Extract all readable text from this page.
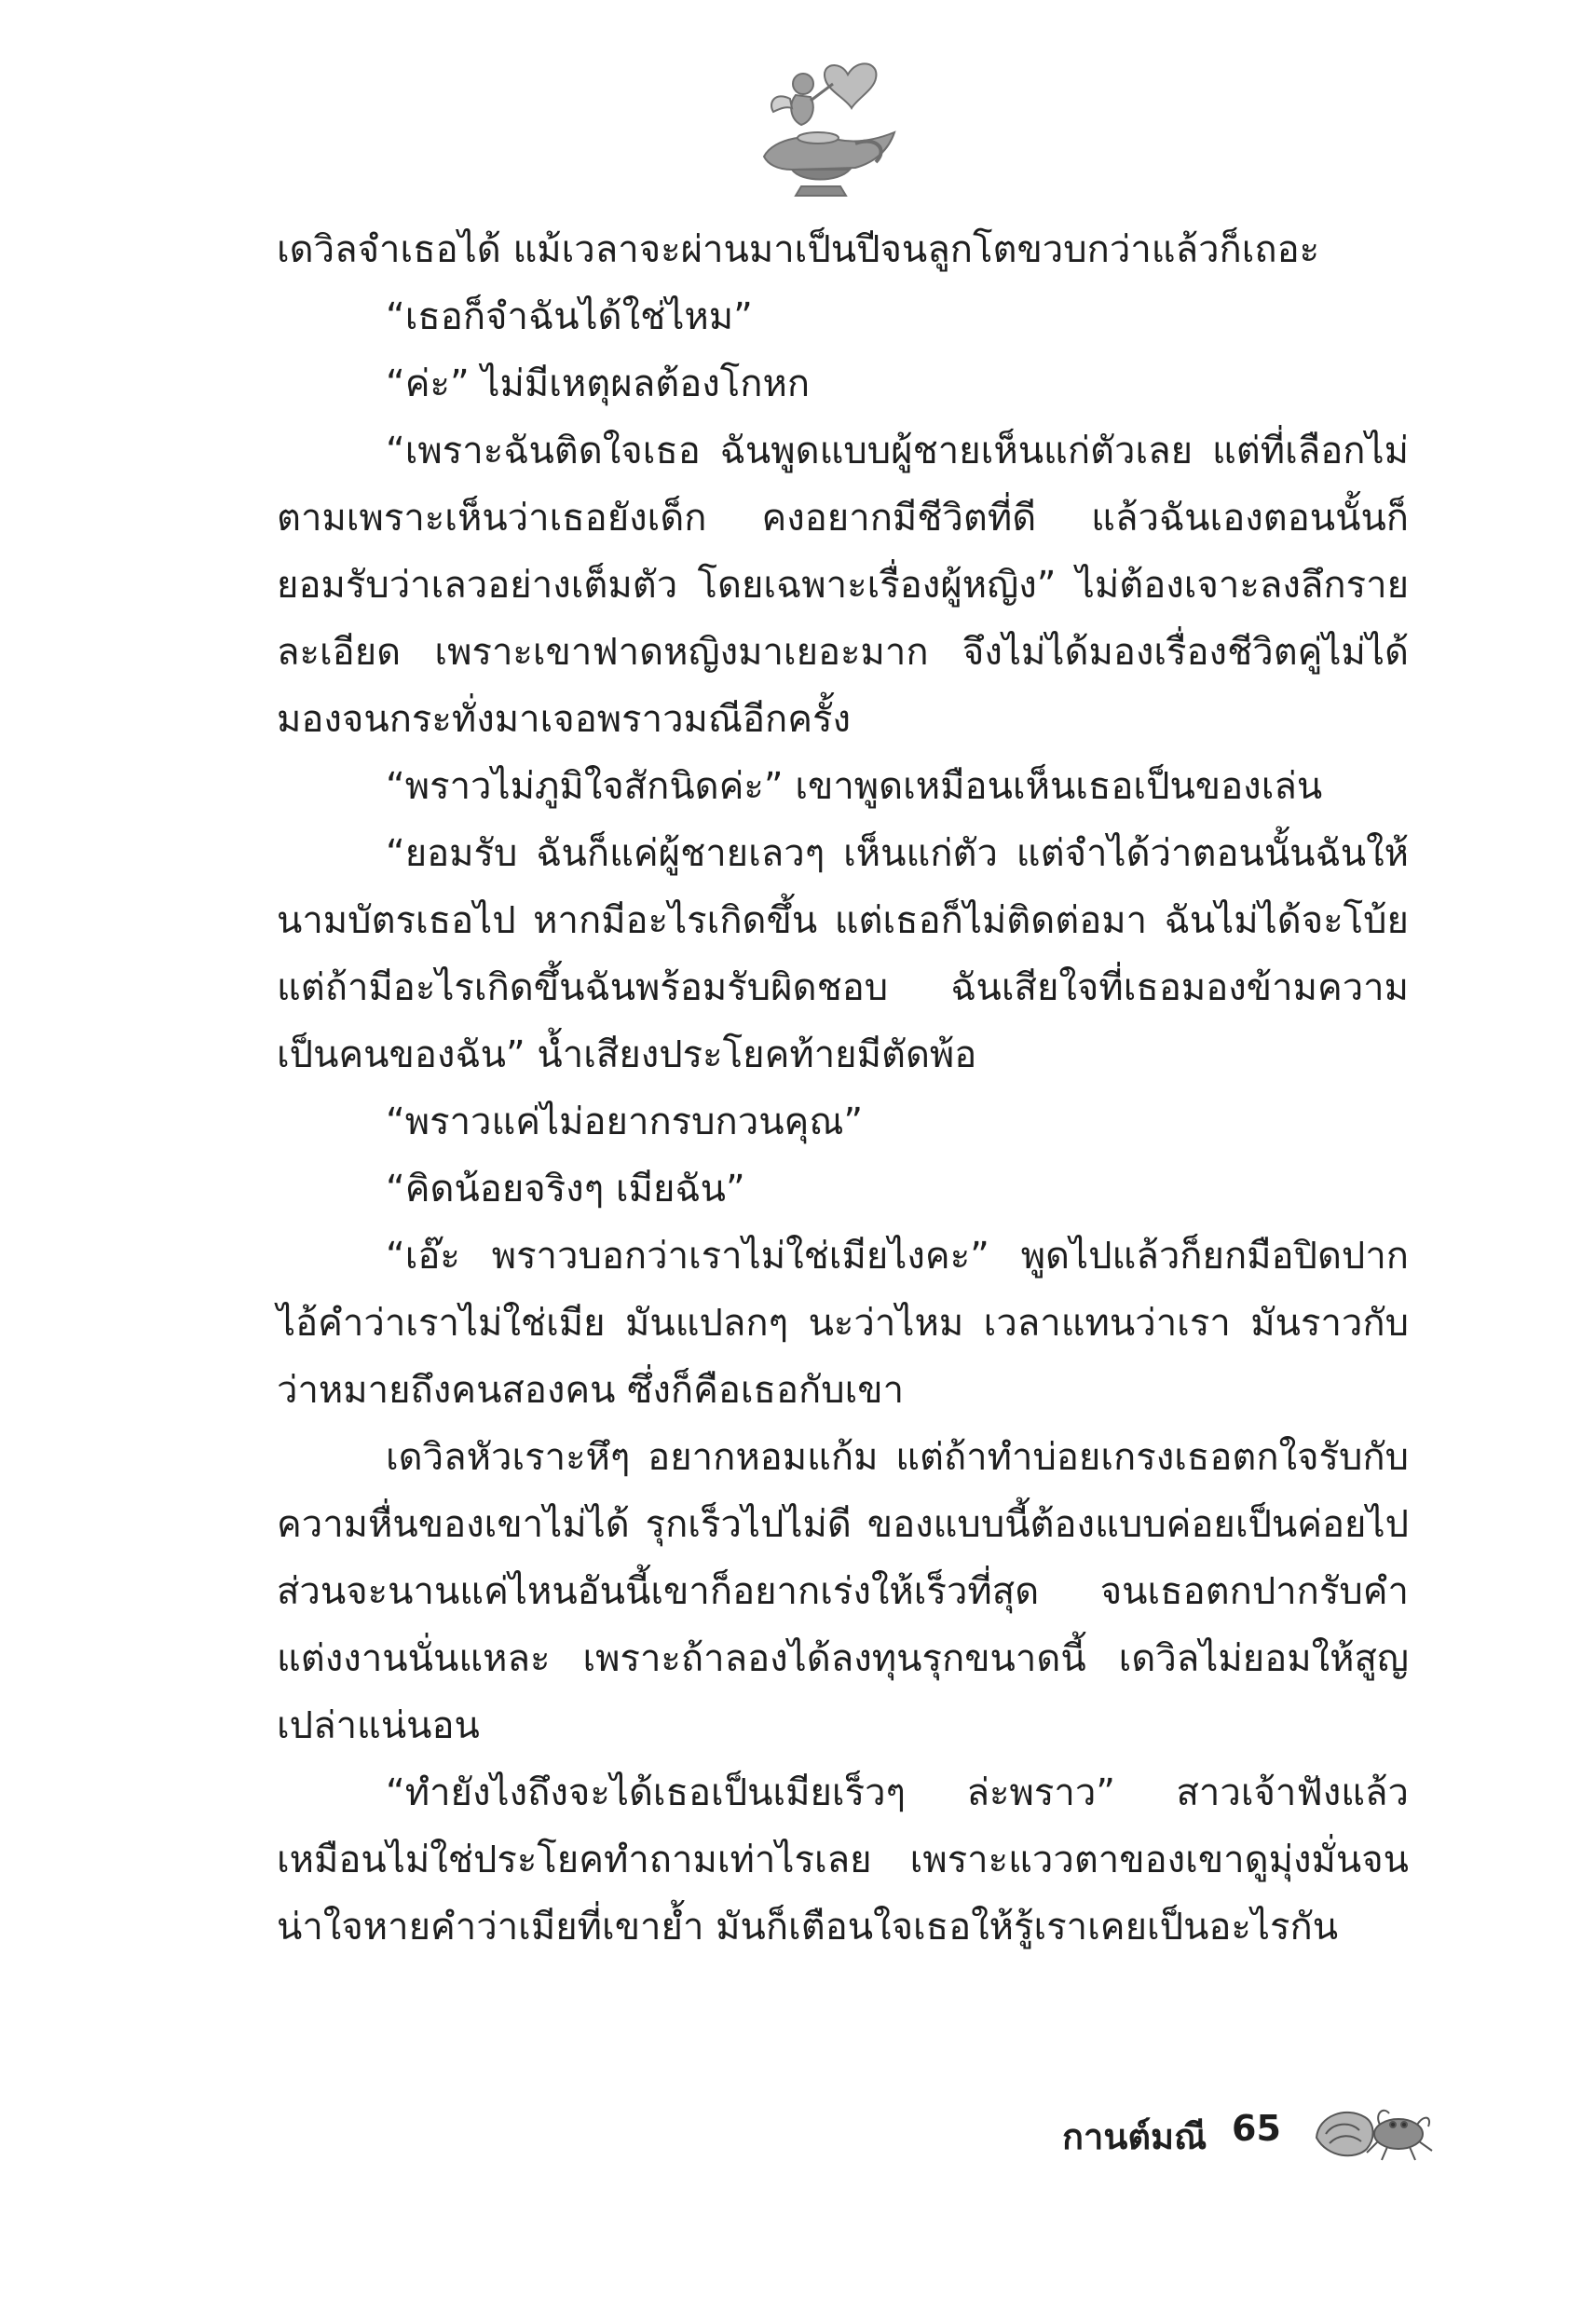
เดวิลจำเธอได้ แม้เวลาจะผ่านมาเป็นปีจนลูกโตขวบกว่าแล้วก็เถอะ

“เธอก็จำฉันได้ใช่ไหม”

“ค่ะ” ไม่มีเหตุผลต้องโกหก

“เพราะฉันติดใจเธอ ฉันพูดแบบผู้ชายเห็นแก่ตัวเลย แต่ที่เลือกไม่ตามเพราะเห็นว่าเธอยังเด็ก คงอยากมีชีวิตที่ดี แล้วฉันเองตอนนั้นก็ยอมรับว่าเลวอย่างเต็มตัว โดยเฉพาะเรื่องผู้หญิง” ไม่ต้องเจาะลงลึกรายละเอียด เพราะเขาฟาดหญิงมาเยอะมาก จึงไม่ได้มองเรื่องชีวิตคู่ไม่ได้มองจนกระทั่งมาเจอพราวมณีอีกครั้ง

“พราวไม่ภูมิใจสักนิดค่ะ” เขาพูดเหมือนเห็นเธอเป็นของเล่น

“ยอมรับ ฉันก็แค่ผู้ชายเลวๆ เห็นแก่ตัว แต่จำได้ว่าตอนนั้นฉันให้นามบัตรเธอไป หากมีอะไรเกิดขึ้น แต่เธอก็ไม่ติดต่อมา ฉันไม่ได้จะโบ้ย แต่ถ้ามีอะไรเกิดขึ้นฉันพร้อมรับผิดชอบ ฉันเสียใจที่เธอมองข้ามความเป็นคนของฉัน” น้ำเสียงประโยคท้ายมีตัดพ้อ

“พราวแค่ไม่อยากรบกวนคุณ”

“คิดน้อยจริงๆ เมียฉัน”

“เอ๊ะ พราวบอกว่าเราไม่ใช่เมียไงคะ” พูดไปแล้วก็ยกมือปิดปากไอ้คำว่าเราไม่ใช่เมีย มันแปลกๆ นะว่าไหม เวลาแทนว่าเรา มันราวกับว่าหมายถึงคนสองคน ซึ่งก็คือเธอกับเขา

เดวิลหัวเราะหึๆ อยากหอมแก้ม แต่ถ้าทำบ่อยเกรงเธอตกใจรับกับความหื่นของเขาไม่ได้ รุกเร็วไปไม่ดี ของแบบนี้ต้องแบบค่อยเป็นค่อยไป ส่วนจะนานแค่ไหนอันนี้เขาก็อยากเร่งให้เร็วที่สุด จนเธอตกปากรับคำแต่งงานนั่นแหละ เพราะถ้าลองได้ลงทุนรุกขนาดนี้ เดวิลไม่ยอมให้สูญเปล่าแน่นอน

“ทำยังไงถึงจะได้เธอเป็นเมียเร็วๆ ล่ะพราว” สาวเจ้าฟังแล้วเหมือนไม่ใช่ประโยคทำถามเท่าไรเลย เพราะแววตาของเขาดูมุ่งมั่นจนน่าใจหายคำว่าเมียที่เขาย้ำ มันก็เตือนใจเธอให้รู้เราเคยเป็นอะไรกัน

กานต์มณี 65
